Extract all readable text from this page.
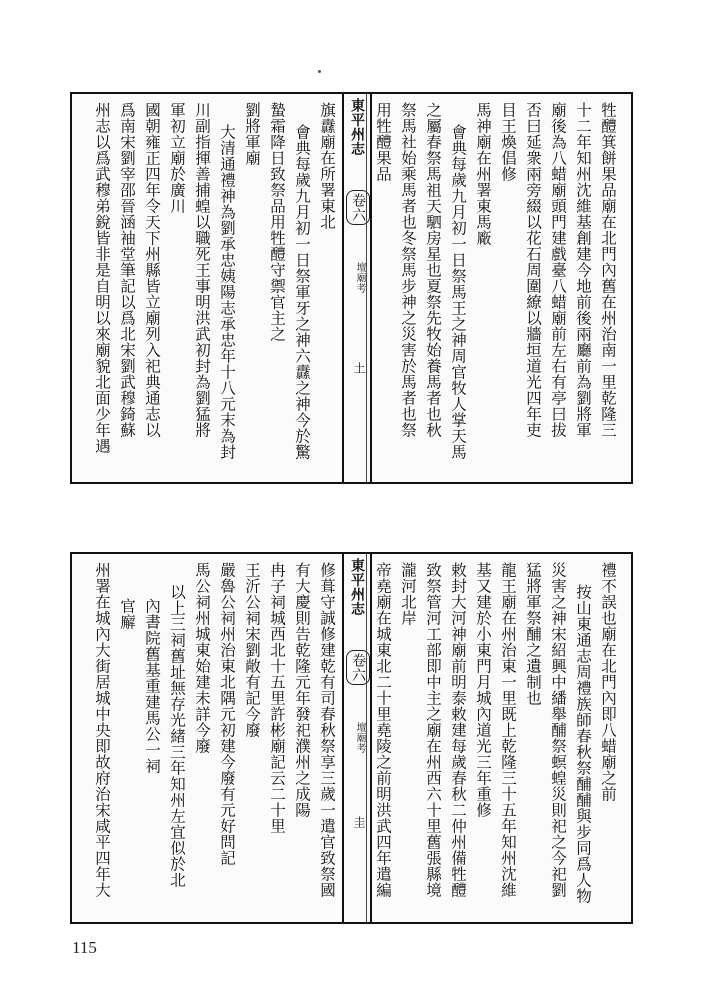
牲醴箕餅果品廟在北門內舊在州治南一里乾隆三
十二年知州沈維基創建今地前後兩廳前為劉將軍
廟後為八蜡廟頭門建戲臺八蜡廟前左右有亭曰拔
否曰延衆兩旁綴以花石周圍繚以牆垣道光四年吏
目王煥倡修
馬神廟在州署東馬廠
會典每歲九月初一日祭馬王之神周官牧人掌天馬
之屬春祭馬祖天駟房星也夏祭先牧始養馬者也秋
祭馬社始乘馬者也冬祭馬步神之災害於馬者也祭
用牲醴果品
東平州志
卷六
壇廟考
土
旗纛廟在所署東北
會典每歲九月初一日祭軍牙之神六纛之神今於驚
蟄霜降日致祭品用牲醴守禦官主之
劉將軍廟
大清通禮神為劉承忠姨陽志承忠年十八元末為封
川副指揮善捕蝗以職死王事明洪武初封為劉猛將
軍初立廟於廣川
國朝雍正四年令天下州縣皆立廟列入祀典通志以
爲南宋劉宰邵晉涵袖堂筆記以爲北宋劉武穆錡蘇
州志以爲武穆弟銳皆非是自明以來廟貌北面少年遇
禮不誤也廟在北門內即八蜡廟之前
按山東通志周禮族師春秋祭酺酺與步同爲人物
災害之神宋紹興中繙舉酺祭螟蝗災則祀之今祀劉
猛將軍祭酺之遺制也
龍王廟在州治東一里既上乾隆三十五年知州沈維
基又建於小東門月城內道光三年重修
敕封大河神廟前明泰敕建每歲春秋二仲州備牲醴
致祭管河工部即中主之廟在州西六十里舊張縣境
瀧河北岸
帝堯廟在城東北二十里堯陵之前明洪武四年遣編
東平州志
卷六
壇廟考
圭
修葺守誠修建乾有司春秋祭享三歲一遣官致祭國
有大慶則告乾隆元年發祀濮州之成陽
冉子祠城西北十五里許彬廟記云二十里
王沂公祠宋劉敞有記今廢
嚴魯公祠州治東北隅元初建今廢有元好問記
馬公祠州城東始建未詳今廢
以上三祠舊址無存光緒三年知州左宜似於北
內書院舊基重建馬公一祠
官廨
州署在城內大街居城中央即故府治宋咸平四年大
115
